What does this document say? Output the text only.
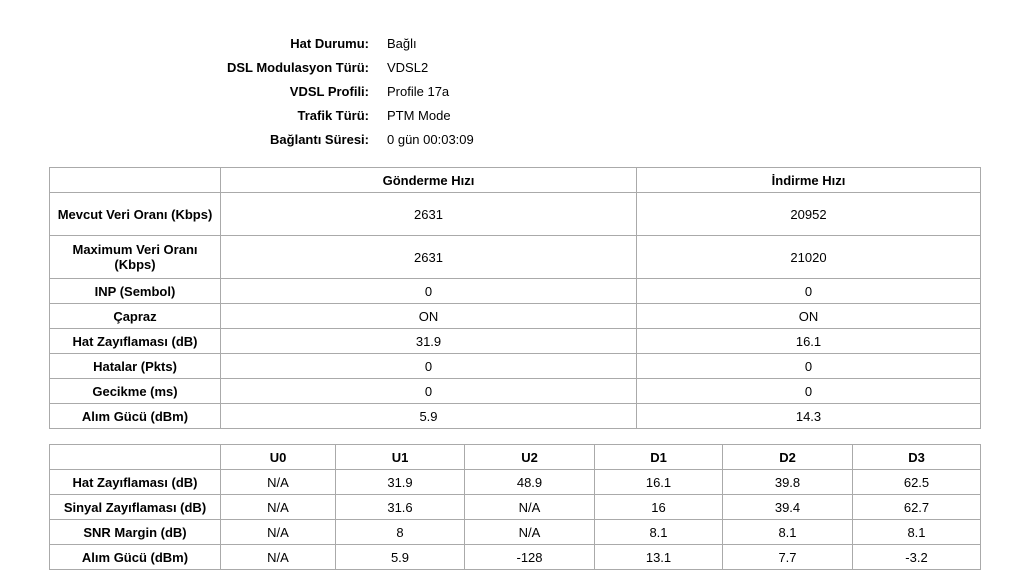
Hat Durumu: Bağlı
DSL Modulasyon Türü: VDSL2
VDSL Profili: Profile 17a
Trafik Türü: PTM Mode
Bağlantı Süresi: 0 gün 00:03:09
	Gönderme Hızı	İndirme Hızı
Mevcut Veri Oranı (Kbps)	2631	20952
Maximum Veri Oranı (Kbps)	2631	21020
INP (Sembol)	0	0
Çapraz	ON	ON
Hat Zayıflaması (dB)	31.9	16.1
Hatalar (Pkts)	0	0
Gecikme (ms)	0	0
Alım Gücü (dBm)	5.9	14.3
	U0	U1	U2	D1	D2	D3
Hat Zayıflaması (dB)	N/A	31.9	48.9	16.1	39.8	62.5
Sinyal Zayıflaması (dB)	N/A	31.6	N/A	16	39.4	62.7
SNR Margin (dB)	N/A	8	N/A	8.1	8.1	8.1
Alım Gücü (dBm)	N/A	5.9	-128	13.1	7.7	-3.2
